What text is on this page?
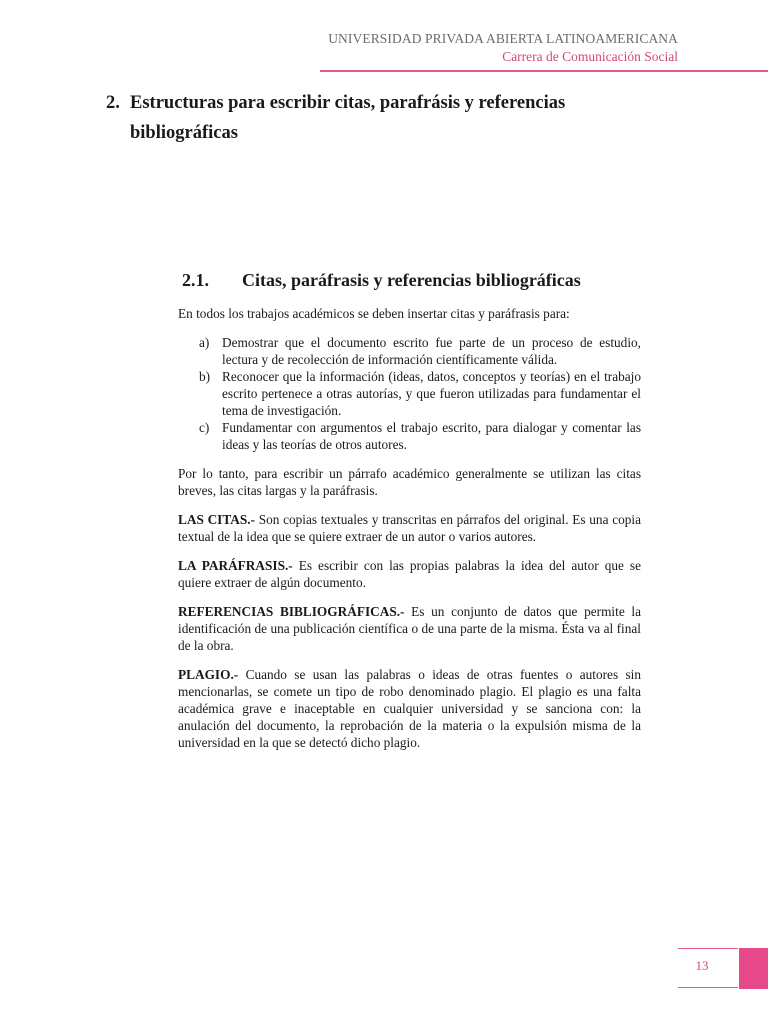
UNIVERSIDAD PRIVADA ABIERTA LATINOAMERICANA
Carrera de Comunicación Social
2. Estructuras para escribir citas, parafrásis y referencias bibliográficas
2.1. Citas, paráfrasis y referencias bibliográficas

En todos los trabajos académicos se deben insertar citas y paráfrasis para:

a) Demostrar que el documento escrito fue parte de un proceso de estudio, lectura y de recolección de información científicamente válida.
b) Reconocer que la información (ideas, datos, conceptos y teorías) en el trabajo escrito pertenece a otras autorías, y que fueron utilizadas para fundamentar el tema de investigación.
c) Fundamentar con argumentos el trabajo escrito, para dialogar y comentar las ideas y las teorías de otros autores.

Por lo tanto, para escribir un párrafo académico generalmente se utilizan las citas breves, las citas largas y la paráfrasis.

LAS CITAS.- Son copias textuales y transcritas en párrafos del original. Es una copia textual de la idea que se quiere extraer de un autor o varios autores.

LA PARÁFRASIS.- Es escribir con las propias palabras la idea del autor que se quiere extraer de algún documento.

REFERENCIAS BIBLIOGRÁFICAS.- Es un conjunto de datos que permite la identificación de una publicación científica o de una parte de la misma. Ésta va al final de la obra.

PLAGIO.- Cuando se usan las palabras o ideas de otras fuentes o autores sin mencionarlas, se comete un tipo de robo denominado plagio. El plagio es una falta académica grave e inaceptable en cualquier universidad y se sanciona con: la anulación del documento, la reprobación de la materia o la expulsión misma de la universidad en la que se detectó dicho plagio.

13
